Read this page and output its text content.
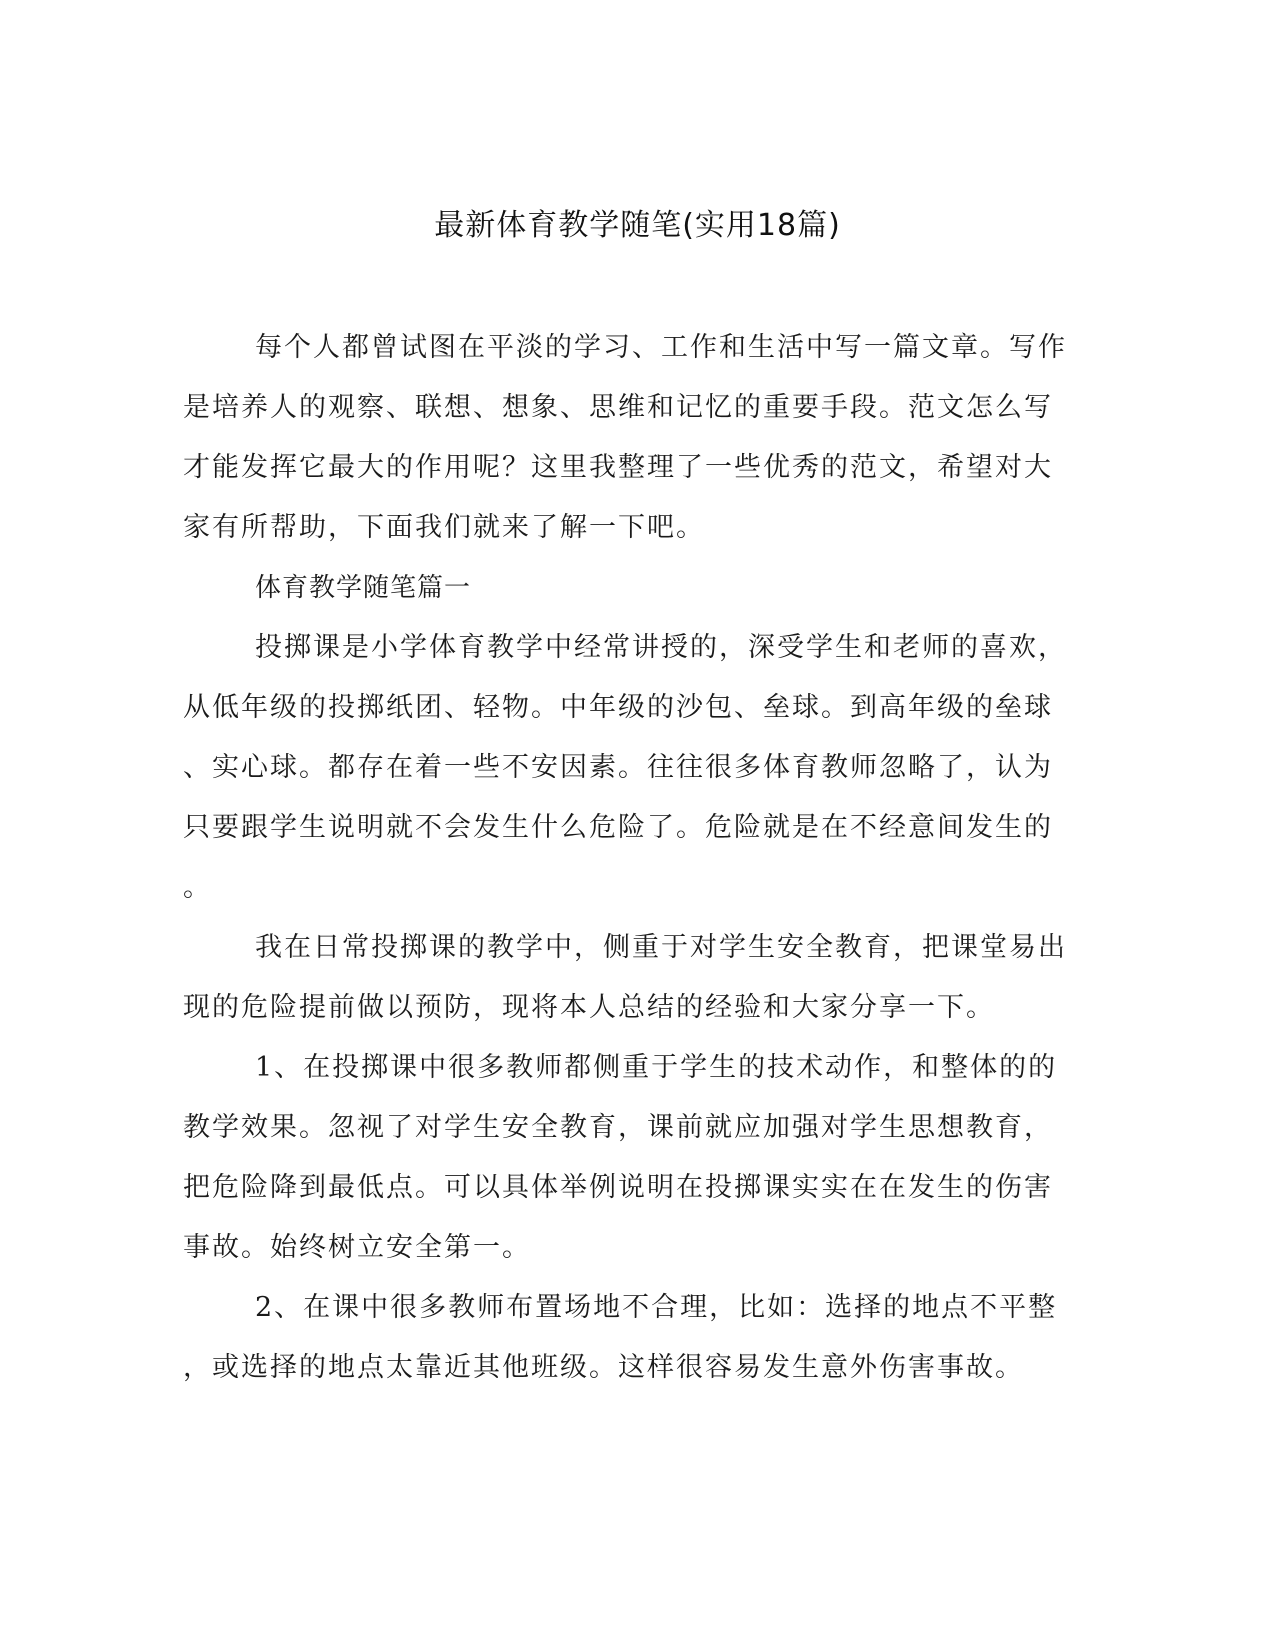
最新体育教学随笔(实用18篇)
每个人都曾试图在平淡的学习、工作和生活中写一篇文章。写作
是培养人的观察、联想、想象、思维和记忆的重要手段。范文怎么写
才能发挥它最大的作用呢？这里我整理了一些优秀的范文，希望对大
家有所帮助，下面我们就来了解一下吧。
体育教学随笔篇一
投掷课是小学体育教学中经常讲授的，深受学生和老师的喜欢，
从低年级的投掷纸团、轻物。中年级的沙包、垒球。到高年级的垒球
、实心球。都存在着一些不安因素。往往很多体育教师忽略了，认为
只要跟学生说明就不会发生什么危险了。危险就是在不经意间发生的
。
我在日常投掷课的教学中，侧重于对学生安全教育，把课堂易出
现的危险提前做以预防，现将本人总结的经验和大家分享一下。
1、在投掷课中很多教师都侧重于学生的技术动作，和整体的的
教学效果。忽视了对学生安全教育，课前就应加强对学生思想教育，
把危险降到最低点。可以具体举例说明在投掷课实实在在发生的伤害
事故。始终树立安全第一。
2、在课中很多教师布置场地不合理，比如：选择的地点不平整
，或选择的地点太靠近其他班级。这样很容易发生意外伤害事故。
